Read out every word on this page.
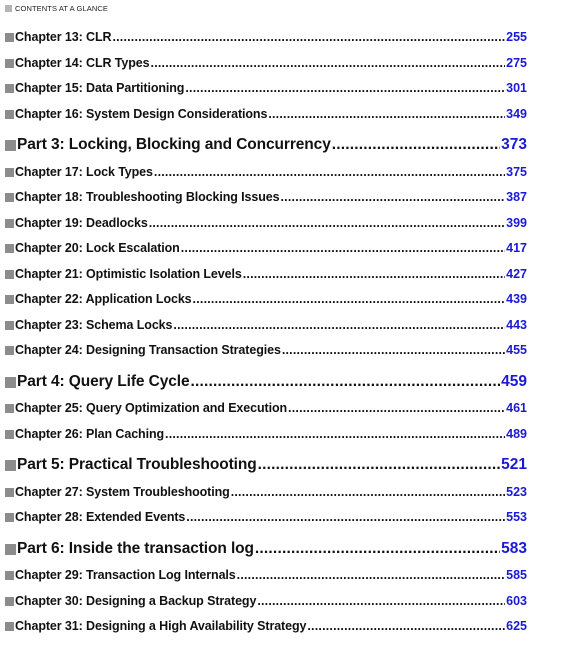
CONTENTS AT A GLANCE
Chapter 13: CLR .....	255
Chapter 14: CLR Types .....	275
Chapter 15: Data Partitioning .....	301
Chapter 16: System Design Considerations .....	349
Part 3: Locking, Blocking and Concurrency .....	373
Chapter 17: Lock Types .....	375
Chapter 18: Troubleshooting Blocking Issues .....	387
Chapter 19: Deadlocks .....	399
Chapter 20: Lock Escalation .....	417
Chapter 21: Optimistic Isolation Levels .....	427
Chapter 22: Application Locks .....	439
Chapter 23: Schema Locks .....	443
Chapter 24: Designing Transaction Strategies .....	455
Part 4: Query Life Cycle .....	459
Chapter 25: Query Optimization and Execution .....	461
Chapter 26: Plan Caching .....	489
Part 5: Practical Troubleshooting .....	521
Chapter 27: System Troubleshooting .....	523
Chapter 28: Extended Events .....	553
Part 6: Inside the transaction log .....	583
Chapter 29: Transaction Log Internals .....	585
Chapter 30: Designing a Backup Strategy .....	603
Chapter 31: Designing a High Availability Strategy .....	625
